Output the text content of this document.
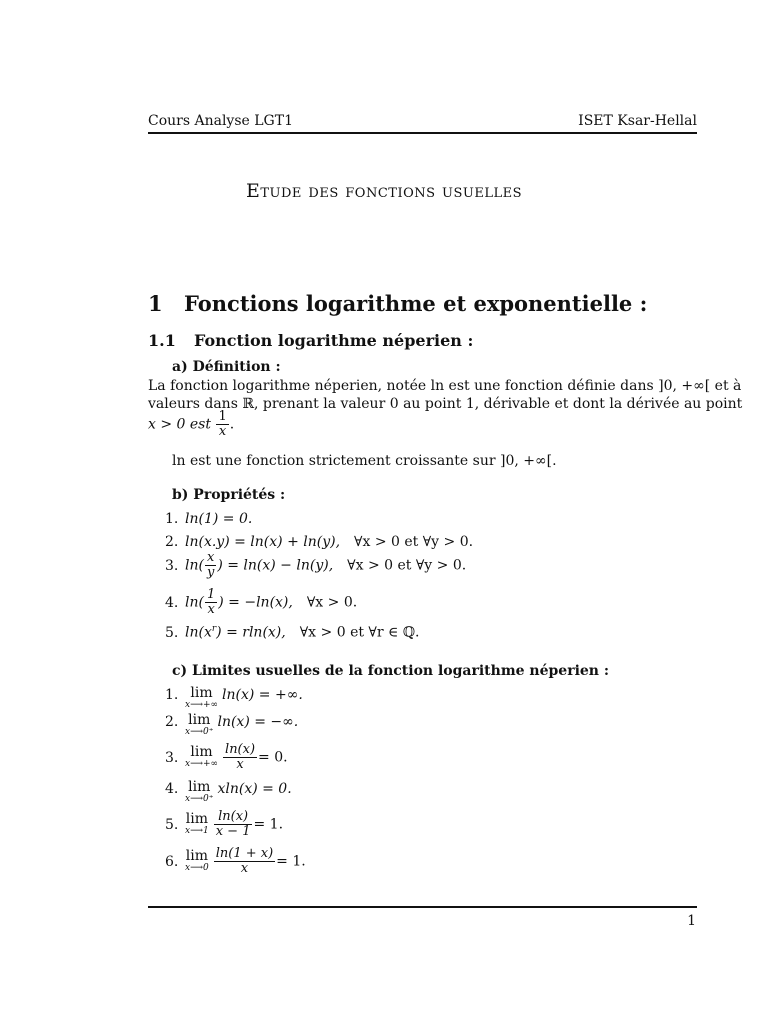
Cours Analyse LGT1	ISET Ksar-Hellal
Etude des fonctions usuelles
1 Fonctions logarithme et exponentielle :
1.1 Fonction logarithme néperien :
a) Définition :
La fonction logarithme néperien, notée ln est une fonction définie dans ]0, +∞[ et à
valeurs dans ℝ, prenant la valeur 0 au point 1, dérivable et dont la dérivée au point
x > 0 est $\frac{1}{x}$ .
ln est une fonction strictement croissante sur ]0, +∞[.
b) Propriétés :
1. ln(1) = 0.
2. ln(x.y) = ln(x) + ln(y), ∀x > 0 et ∀y > 0.
3. $\ln( \frac{x}{y}$ ) = ln(x) − ln(y), ∀x > 0 et ∀y > 0.
4. $\ln( \frac{1}{x}$ ) = −ln(x), ∀x > 0.
5. $\ln(x^r) = rln(x)$, ∀x > 0 et ∀r ∈ ℚ.
c) Limites usuelles de la fonction logarithme néperien :
1. lim
x⟶+∞
ln(x) = +∞.
2. lim
x⟶0⁺
ln(x) = −∞.
3. lim
x⟶+∞ $\frac{\ln(x)}{x} = 0$.
4. lim
x⟶0⁺
xln(x) = 0.
5. lim
x⟶1 $\frac{\ln(x)}{x - 1} = 1$.
6. lim
x⟶0 $\frac{\ln(1 + x)}{x} = 1$.
1
